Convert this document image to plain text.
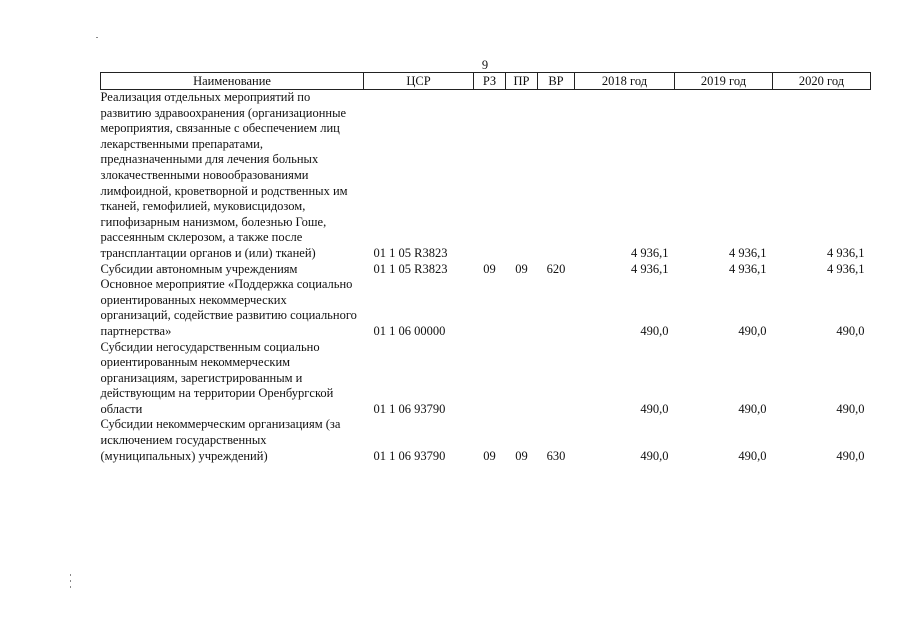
9
Наименование	ЦСР	РЗ	ПР	ВР	2018 год	2019 год	2020 год
Реализация отдельных мероприятий по развитию здравоохранения (организационные мероприятия, связанные с обеспечением лиц лекарственными препаратами, предназначенными для лечения больных злокачественными новообразованиями лимфоидной, кроветворной и родственных им тканей, гемофилией, муковисцидозом, гипофизарным нанизмом, болезнью Гоше, рассеянным склерозом, а также после трансплантации органов и (или) тканей)	01 1 05 R3823				4 936,1	4 936,1	4 936,1
Субсидии автономным учреждениям	01 1 05 R3823	09	09	620	4 936,1	4 936,1	4 936,1
Основное мероприятие «Поддержка социально ориентированных некоммерческих организаций, содействие развитию социального партнерства»	01 1 06 00000				490,0	490,0	490,0
Субсидии негосударственным социально ориентированным некоммерческим организациям, зарегистрированным и действующим на территории Оренбургской области	01 1 06 93790				490,0	490,0	490,0
Субсидии некоммерческим организациям (за исключением государственных (муниципальных) учреждений)	01 1 06 93790	09	09	630	490,0	490,0	490,0
